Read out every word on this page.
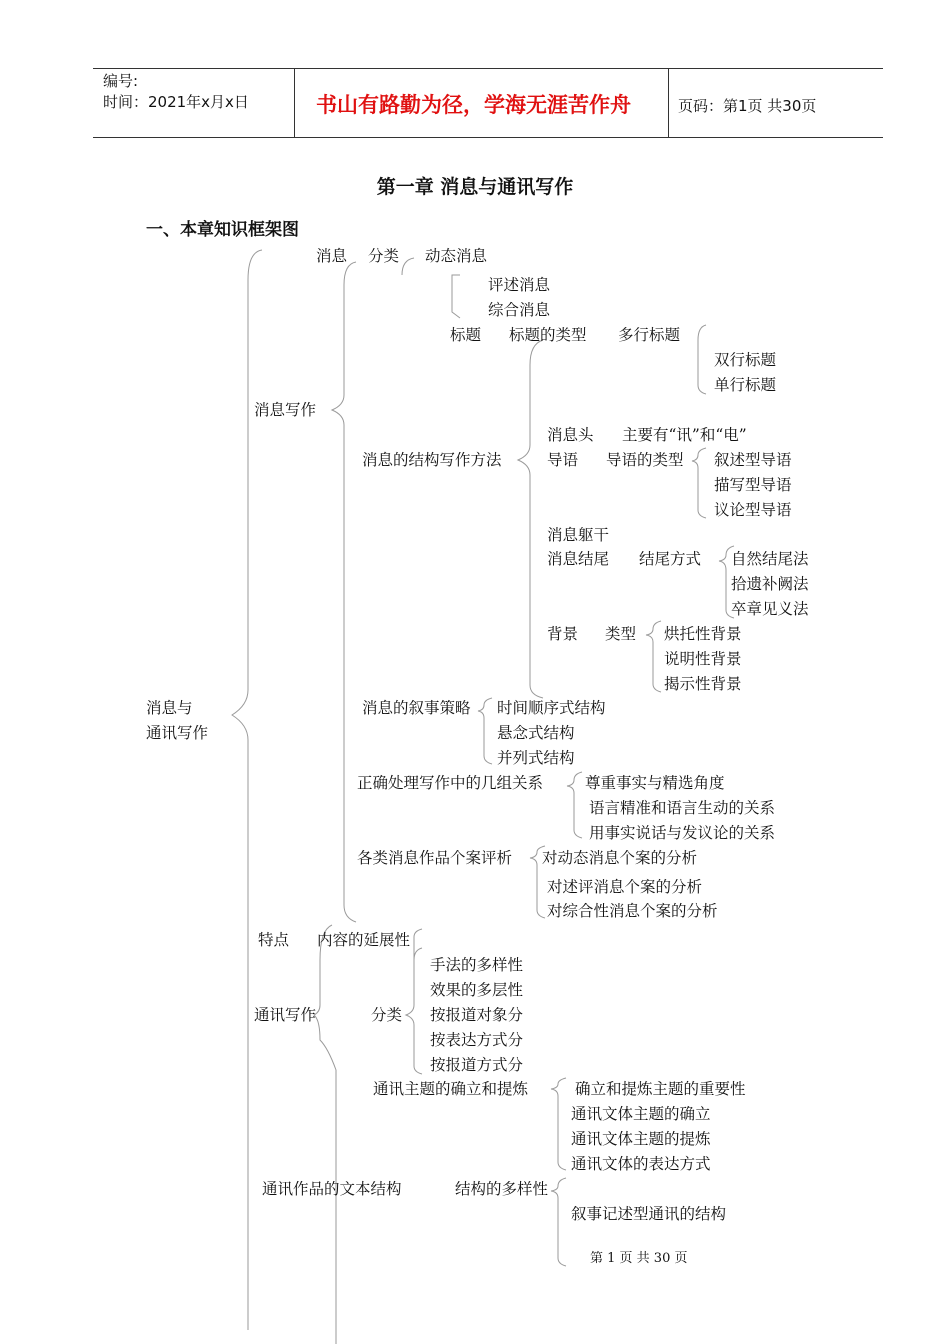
编号:
时间：2021年x月x日	书山有路勤为径，学海无涯苦作舟	页码：第1页 共30页
第一章 消息与通讯写作
一、本章知识框架图
消息与
通讯写作
消息写作
消息 分类 动态消息
评述消息
综合消息
标题 标题的类型 多行标题
双行标题
单行标题
消息的结构写作方法
消息头 主要有“讯”和“电”
导语 导语的类型 叙述型导语
描写型导语
议论型导语
消息躯干
消息结尾 结尾方式 自然结尾法
拾遗补阙法
卒章见义法
背景 类型 烘托性背景
说明性背景
揭示性背景
消息的叙事策略 时间顺序式结构
悬念式结构
并列式结构
正确处理写作中的几组关系	尊重事实与精选角度
语言精准和语言生动的关系
用事实说话与发议论的关系
各类消息作品个案评析 对动态消息个案的分析
对述评消息个案的分析
对综合性消息个案的分析
特点 内容的延展性
手法的多样性
效果的多层性
通讯写作	分类 按报道对象分
按表达方式分
按报道方式分
通讯主题的确立和提炼	确立和提炼主题的重要性
通讯文体主题的确立
通讯文体主题的提炼
通讯文体的表达方式
通讯作品的文本结构	结构的多样性
叙事记述型通讯的结构
第 1 页 共 30 页
